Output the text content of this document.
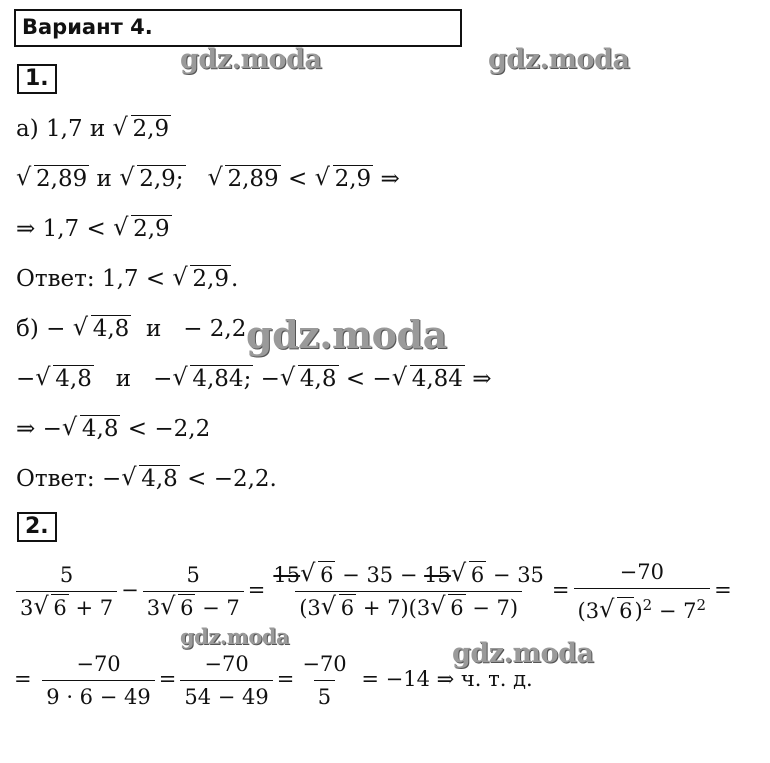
Вариант 4.
gdz.moda	gdz.moda
gdz.moda
gdz.moda
gdz.moda
1.
а) 1,7 и √ 2,9
√ 2,89 и √ 2,9; √ 2,89 < √ 2,9 ⇒
⇒ 1,7 < √ 2,9
Ответ: 1,7 < √ 2,9.
б) − √ 4,8 и − 2,2
− √ 4,8 и − √ 4,84; − √ 4,8 < − √ 4,84 ⇒
⇒ − √ 4,8 < −2,2
Ответ: − √ 4,8 < −2,2.
2.
$\frac{5}{3 √ 6 + 7} - \frac{5}{3 √ 6 - 7} = \frac{15 √ 6 - 35 - 15 √ 6 - 35}{(3 √ 6 + 7)(3 √ 6 - 7)} = \frac{-70}{(3 √ 6)^2 - 7^2}$ =
= $\frac{-70}{9 \cdot 6 - 49} = \frac{-70}{54 - 49} = \frac{-70}{5} = -14$ ⇒ ч. т. д.
